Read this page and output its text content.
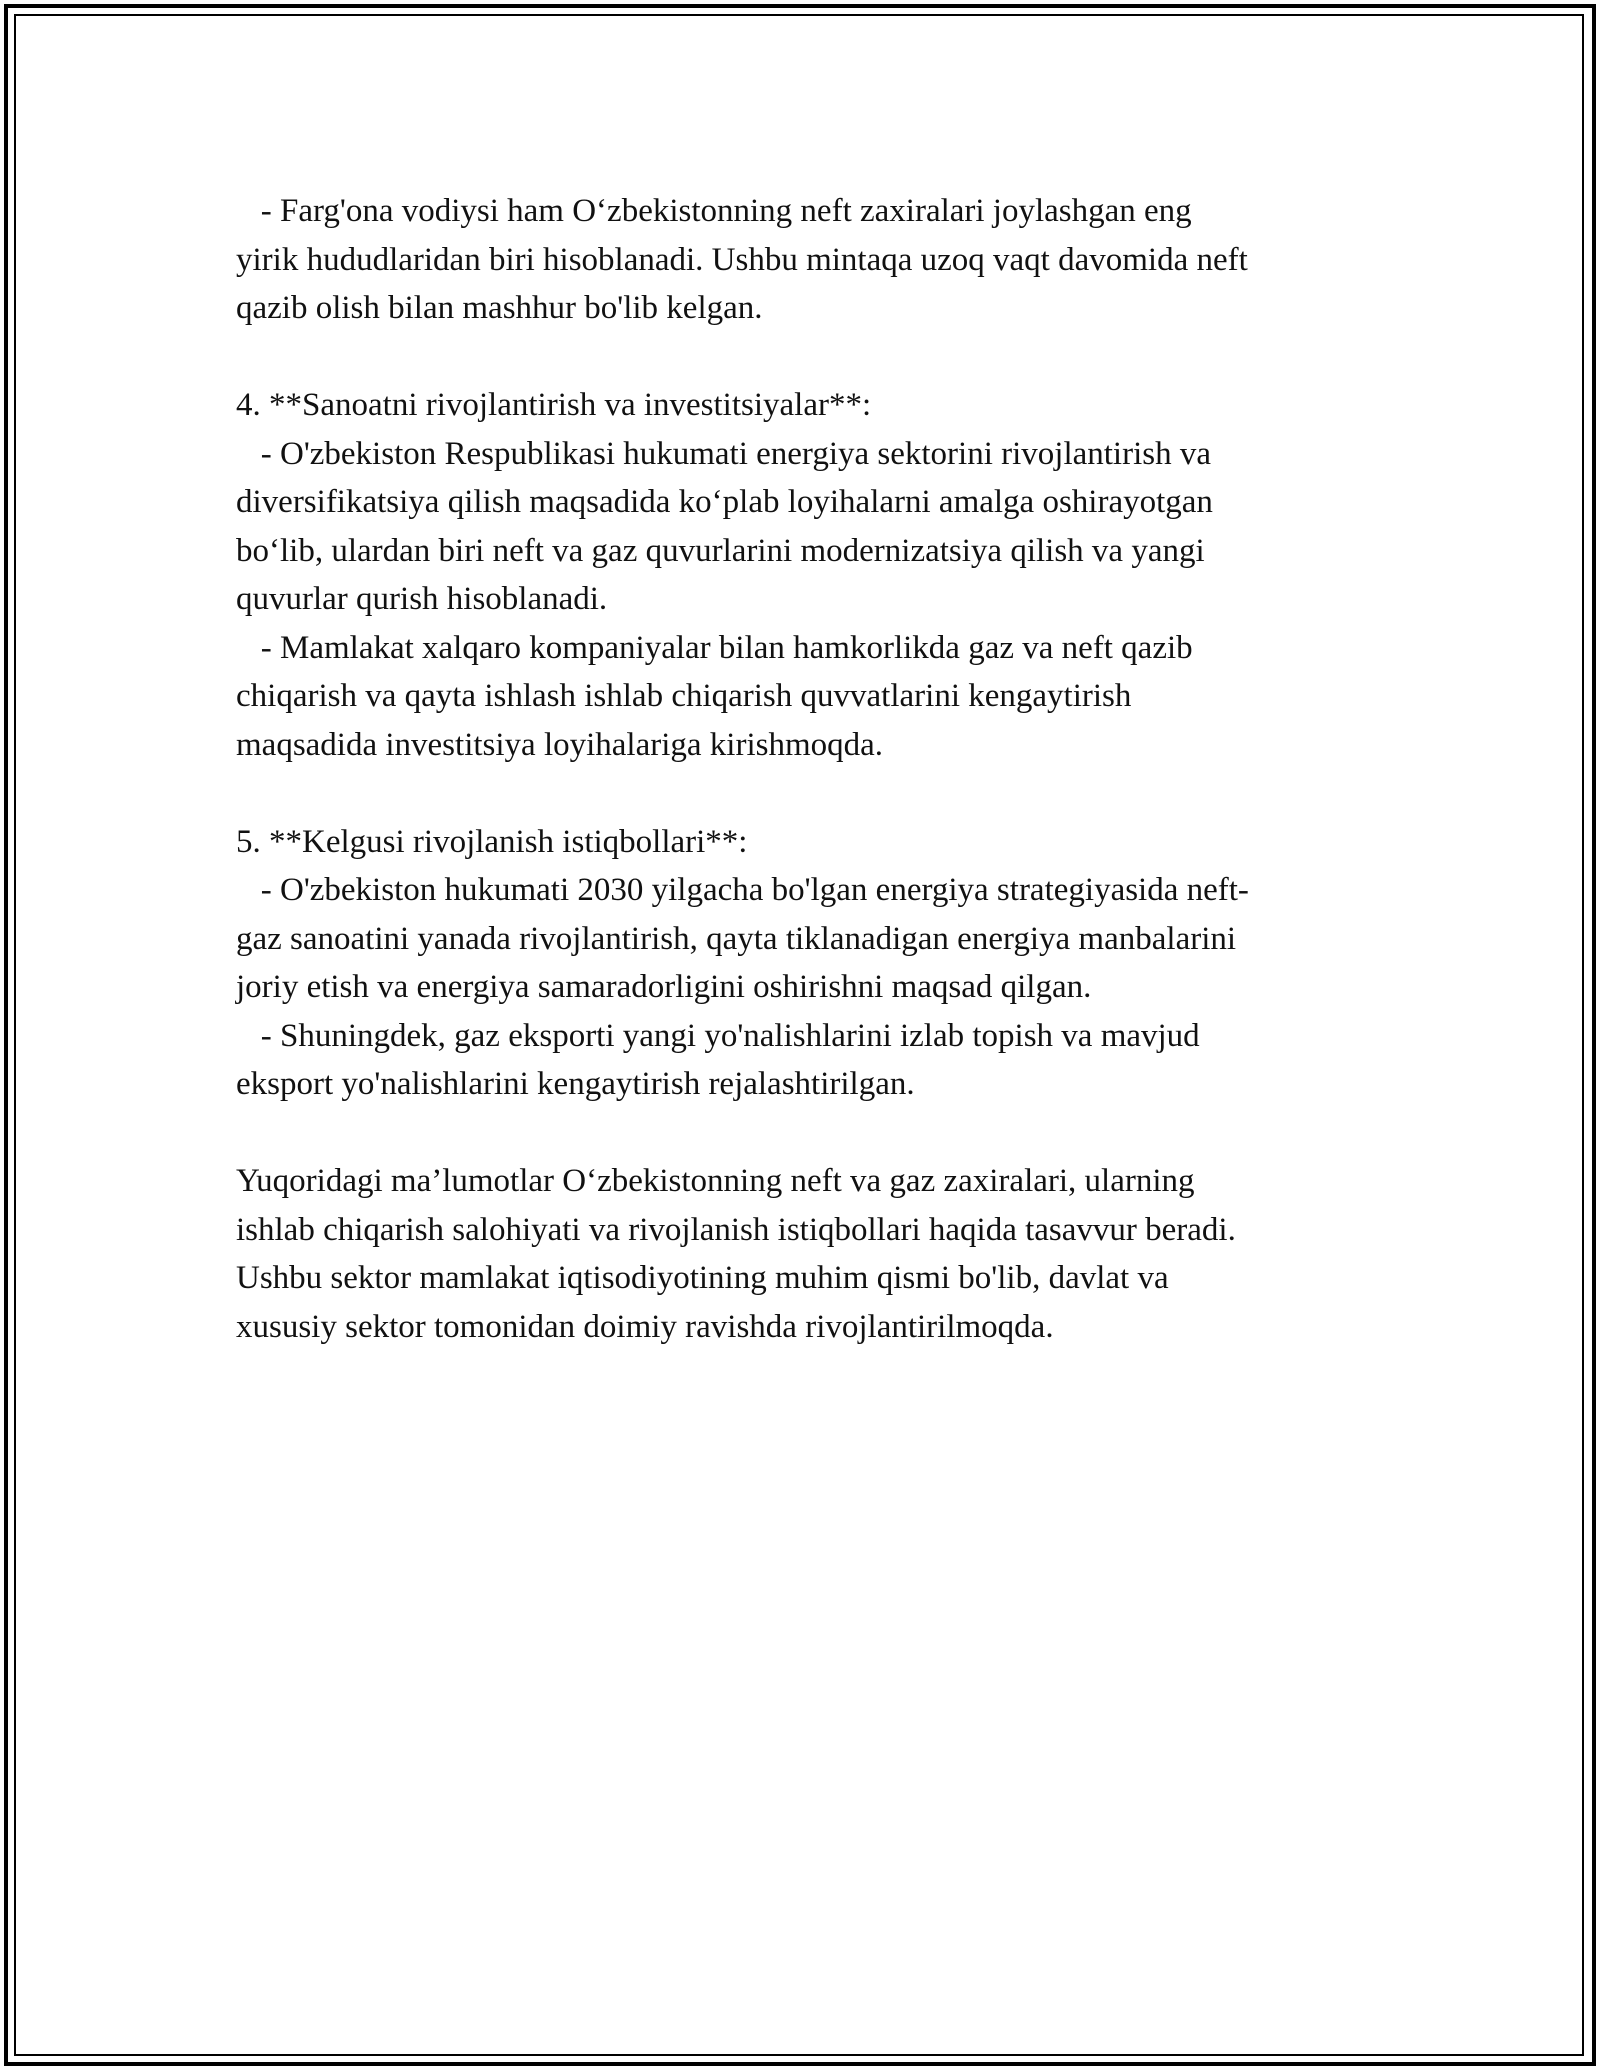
- Farg'ona vodiysi ham O‘zbekistonning neft zaxiralari joylashgan eng
yirik hududlaridan biri hisoblanadi. Ushbu mintaqa uzoq vaqt davomida neft
qazib olish bilan mashhur bo'lib kelgan.
4. **Sanoatni rivojlantirish va investitsiyalar**:
- O'zbekiston Respublikasi hukumati energiya sektorini rivojlantirish va
diversifikatsiya qilish maqsadida ko‘plab loyihalarni amalga oshirayotgan
bo‘lib, ulardan biri neft va gaz quvurlarini modernizatsiya qilish va yangi
quvurlar qurish hisoblanadi.
- Mamlakat xalqaro kompaniyalar bilan hamkorlikda gaz va neft qazib
chiqarish va qayta ishlash ishlab chiqarish quvvatlarini kengaytirish
maqsadida investitsiya loyihalariga kirishmoqda.
5. **Kelgusi rivojlanish istiqbollari**:
- O'zbekiston hukumati 2030 yilgacha bo'lgan energiya strategiyasida neft-
gaz sanoatini yanada rivojlantirish, qayta tiklanadigan energiya manbalarini
joriy etish va energiya samaradorligini oshirishni maqsad qilgan.
- Shuningdek, gaz eksporti yangi yo'nalishlarini izlab topish va mavjud
eksport yo'nalishlarini kengaytirish rejalashtirilgan.
Yuqoridagi ma’lumotlar O‘zbekistonning neft va gaz zaxiralari, ularning
ishlab chiqarish salohiyati va rivojlanish istiqbollari haqida tasavvur beradi.
Ushbu sektor mamlakat iqtisodiyotining muhim qismi bo'lib, davlat va
xususiy sektor tomonidan doimiy ravishda rivojlantirilmoqda.
